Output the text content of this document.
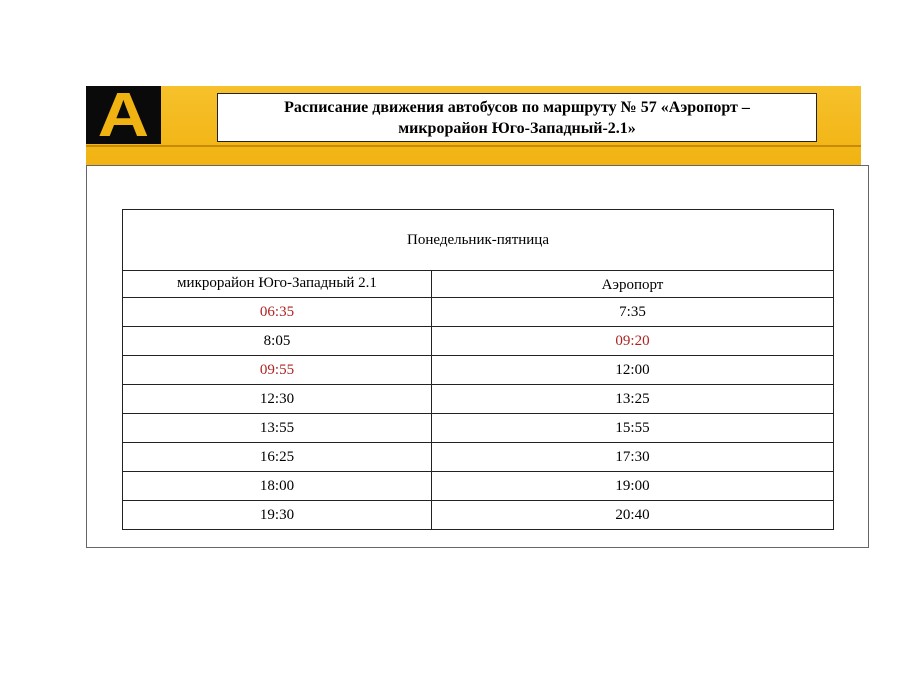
A	Расписание движения автобусов по маршруту № 57 «Аэропорт –
микрорайон Юго-Западный-2.1»
Понедельник-пятница	
микрорайон Юго-Западный 2.1	Аэропорт
06:35	7:35
8:05	09:20
09:55	12:00
12:30	13:25
13:55	15:55
16:25	17:30
18:00	19:00
19:30	20:40
